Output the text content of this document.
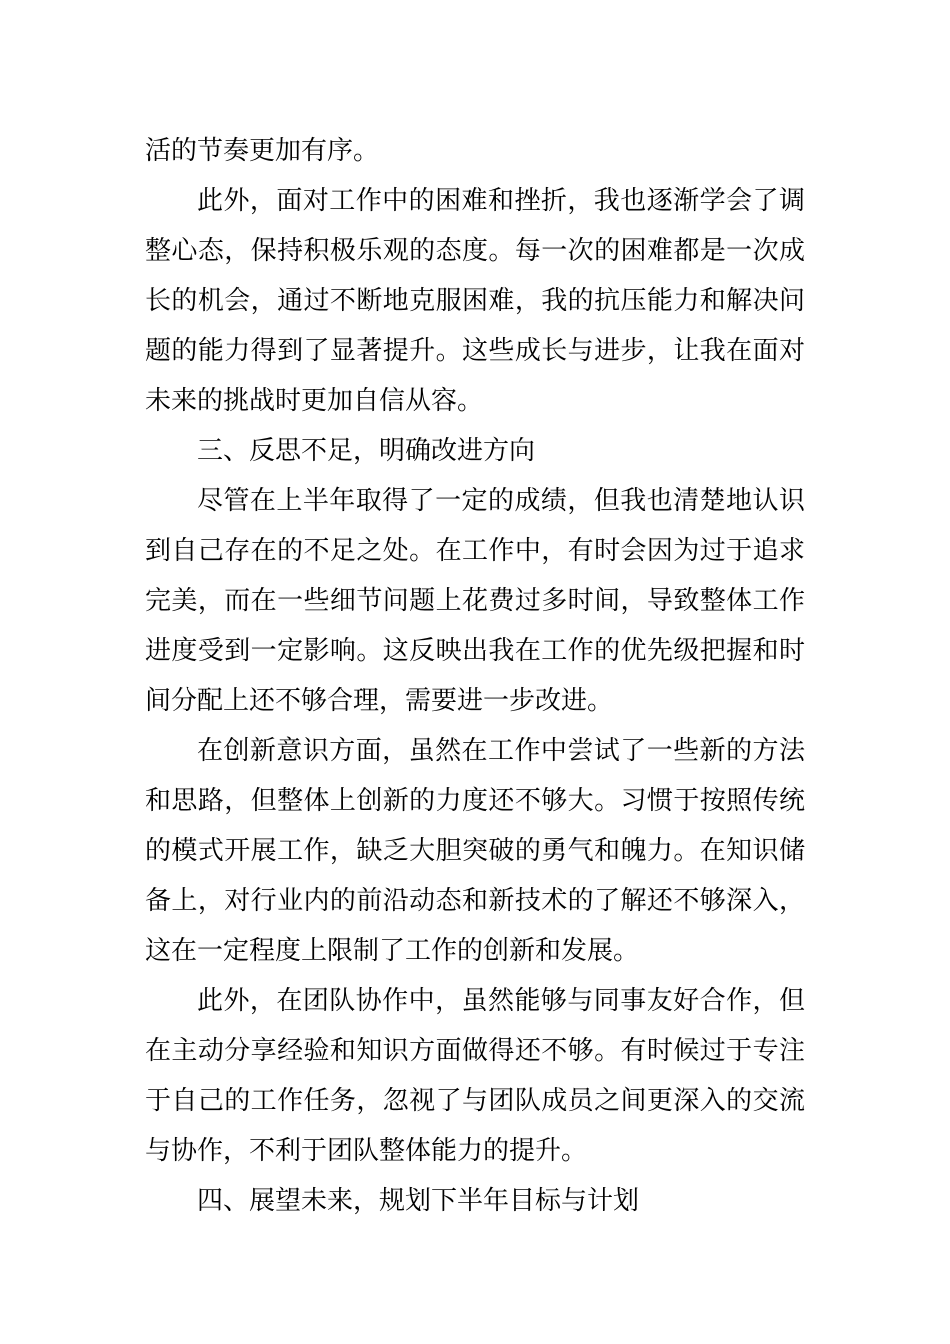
活的节奏更加有序。
此外，面对工作中的困难和挫折，我也逐渐学会了调
整心态，保持积极乐观的态度。每一次的困难都是一次成
长的机会，通过不断地克服困难，我的抗压能力和解决问
题的能力得到了显著提升。这些成长与进步，让我在面对
未来的挑战时更加自信从容。
三、反思不足，明确改进方向
尽管在上半年取得了一定的成绩，但我也清楚地认识
到自己存在的不足之处。在工作中，有时会因为过于追求
完美，而在一些细节问题上花费过多时间，导致整体工作
进度受到一定影响。这反映出我在工作的优先级把握和时
间分配上还不够合理，需要进一步改进。
在创新意识方面，虽然在工作中尝试了一些新的方法
和思路，但整体上创新的力度还不够大。习惯于按照传统
的模式开展工作，缺乏大胆突破的勇气和魄力。在知识储
备上，对行业内的前沿动态和新技术的了解还不够深入，
这在一定程度上限制了工作的创新和发展。
此外，在团队协作中，虽然能够与同事友好合作，但
在主动分享经验和知识方面做得还不够。有时候过于专注
于自己的工作任务，忽视了与团队成员之间更深入的交流
与协作，不利于团队整体能力的提升。
四、展望未来，规划下半年目标与计划
